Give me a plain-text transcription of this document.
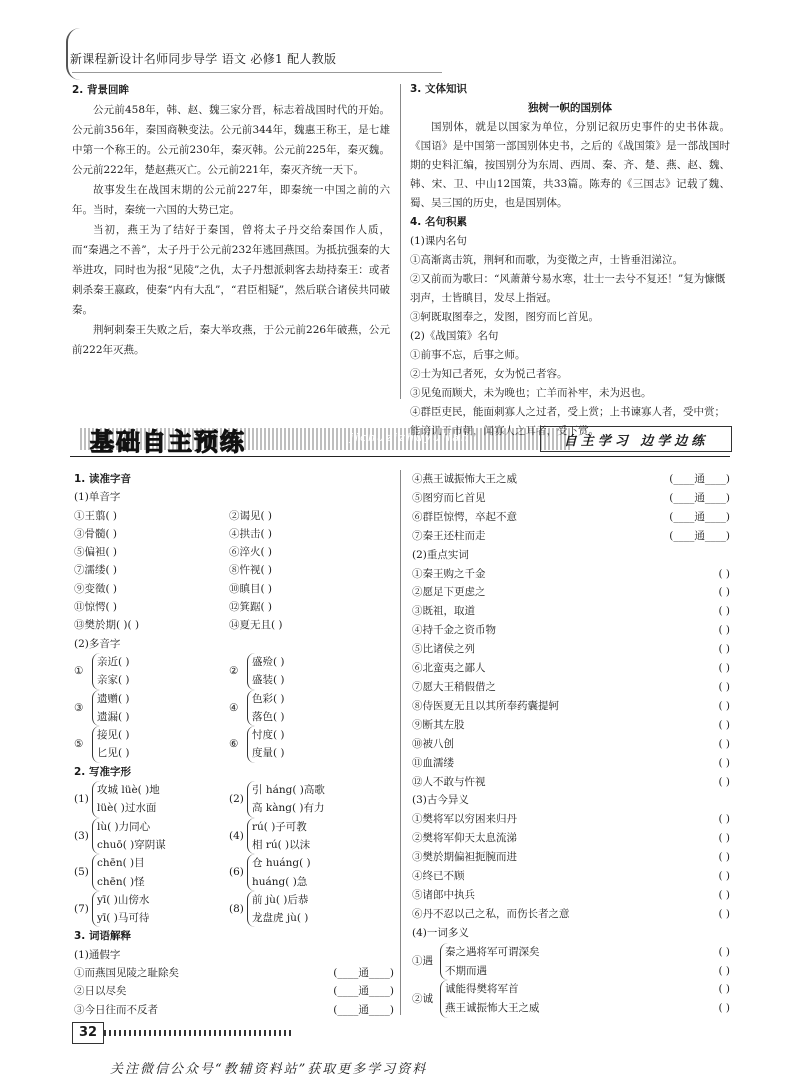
新课程新设计名师同步导学 语文 必修1 配人教版

2. 背景回眸

公元前458年，韩、赵、魏三家分晋，标志着战国时代的开始。公元前356年，秦国商鞅变法。公元前344年，魏惠王称王，是七雄中第一个称王的。公元前230年，秦灭韩。公元前225年，秦灭魏。公元前222年，楚赵燕灭亡。公元前221年，秦灭齐统一天下。

故事发生在战国末期的公元前227年，即秦统一中国之前的六年。当时，秦统一六国的大势已定。

当初，燕王为了结好于秦国，曾将太子丹交给秦国作人质，而“秦遇之不善”，太子丹于公元前232年逃回燕国。为抵抗强秦的大举进攻，同时也为报“见陵”之仇，太子丹想派刺客去劫持秦王：或者刺杀秦王嬴政，使秦“内有大乱”，“君臣相疑”，然后联合诸侯共同破秦。

荆轲刺秦王失败之后，秦大举攻燕，于公元前226年破燕，公元前222年灭燕。

3. 文体知识

独树一帜的国别体

国别体，就是以国家为单位，分别记叙历史事件的史书体裁。《国语》是中国第一部国别体史书，之后的《战国策》是一部战国时期的史料汇编，按国别分为东周、西周、秦、齐、楚、燕、赵、魏、韩、宋、卫、中山12国策，共33篇。陈寿的《三国志》记载了魏、蜀、吴三国的历史，也是国别体。

4. 名句积累

(1)课内名句

①高渐离击筑，荆轲和而歌，为变徵之声，士皆垂泪涕泣。

②又前而为歌曰：“风萧萧兮易水寒，壮士一去兮不复还！”复为慷慨羽声，士皆瞋目，发尽上指冠。

③轲既取图奉之，发图，图穷而匕首见。

(2)《战国策》名句

①前事不忘，后事之师。

②士为知己者死，女为悦己者容。

③见兔而顾犬，未为晚也；亡羊而补牢，未为迟也。

④群臣吏民，能面刺寡人之过者，受上赏；上书谏寡人者，受中赏；能谤讥于市朝，闻寡人之耳者，受下赏。

基础自主预练	jichuzizhuyulian	自主学习 边学边练

1. 读准字音

(1)单音字

①王翦( )	②谒见( )
③骨髓( )	④拱击( )
⑤偏袒( )	⑥淬火( )
⑦濡缕( )	⑧忤视( )
⑨变徵( )	⑩瞋目( )
⑪惊愕( )	⑫箕踞( )
⑬樊於期( )( )	⑭夏无且( )

(2)多音字

①
亲近( )
亲家( )
②
盛殓( )
盛装( )
③
遗赠( )
遗漏( )
④
色彩( )
落色( )
⑤
接见( )
匕见( )
⑥
忖度( )
度量( )

2. 写准字形

(1)
攻城 lüè( )地
lüè( )过水面
(2)
引 háng( )高歌
高 kàng( )有力
(3)
lù( )力同心
chuō( )穿阴谋
(4)
rú( )子可教
相 rú( )以沫
(5)
chēn( )目
chēn( )怪
(6)
仓 huáng( )
huáng( )急
(7)
yī( )山傍水
yī( )马可待
(8)
前 jù( )后恭
龙盘虎 jù( )

3. 词语解释

(1)通假字

①而燕国见陵之耻除矣	(____通____)
②日以尽矣	(____通____)
③今日往而不反者	(____通____)
④燕王诚振怖大王之威	(____通____)
⑤图穷而匕首见	(____通____)
⑥群臣惊愕，卒起不意	(____通____)
⑦秦王还柱而走	(____通____)

(2)重点实词

①秦王购之千金	( )
②愿足下更虑之	( )
③既祖，取道	( )
④持千金之资币物	( )
⑤比诸侯之列	( )
⑥北蛮夷之鄙人	( )
⑦愿大王稍假借之	( )
⑧侍医夏无且以其所奉药囊提轲	( )
⑨断其左股	( )
⑩被八创	( )
⑪血濡缕	( )
⑫人不敢与忤视	( )

(3)古今异义

①樊将军以穷困来归丹	( )
②樊将军仰天太息流涕	( )
③樊於期偏袒扼腕而进	( )
④终已不顾	( )
⑤诸郎中执兵	( )
⑥丹不忍以己之私，而伤长者之意	( )

(4)一词多义

①遇
秦之遇将军可谓深矣	( )
不期而遇	( )
②诚
诚能得樊将军首	( )
燕王诚振怖大王之威	( )
32
关注微信公众号“教辅资料站”获取更多学习资料
